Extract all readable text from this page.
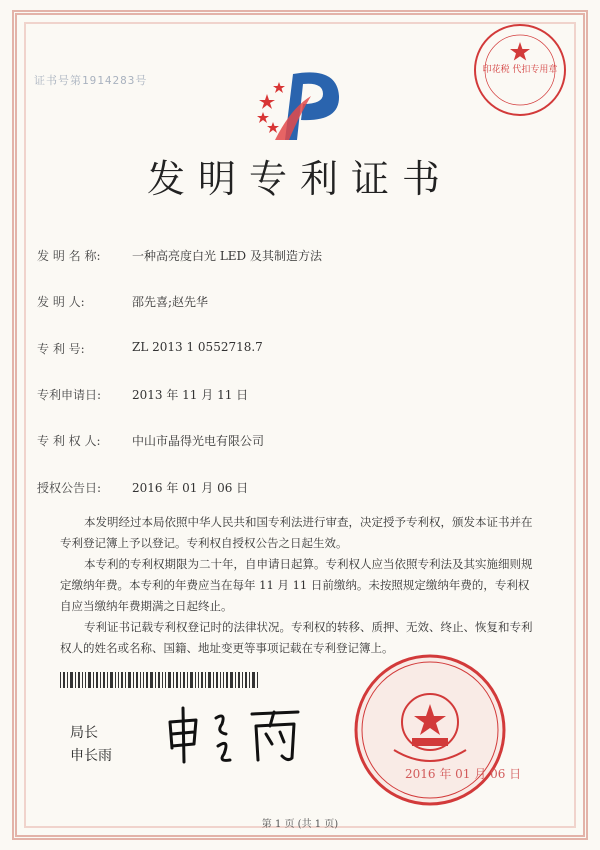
证书号第1914283号
印花税 代扣专用章
发明专利证书
发 明 名 称:	一种高亮度白光 LED 及其制造方法
发 明 人:	邵先喜;赵先华
专 利 号:	ZL 2013 1 0552718.7
专利申请日:	2013 年 11 月 11 日
专 利 权 人:	中山市晶得光电有限公司
授权公告日:	2016 年 01 月 06 日

本发明经过本局依照中华人民共和国专利法进行审查，决定授予专利权，颁发本证书并在专利登记簿上予以登记。专利权自授权公告之日起生效。

本专利的专利权期限为二十年，自申请日起算。专利权人应当依照专利法及其实施细则规定缴纳年费。本专利的年费应当在每年 11 月 11 日前缴纳。未按照规定缴纳年费的，专利权自应当缴纳年费期满之日起终止。

专利证书记载专利权登记时的法律状况。专利权的转移、质押、无效、终止、恢复和专利权人的姓名或名称、国籍、地址变更等事项记载在专利登记簿上。

局长
申长雨
2016 年 01 月 06 日
第 1 页 (共 1 页)
